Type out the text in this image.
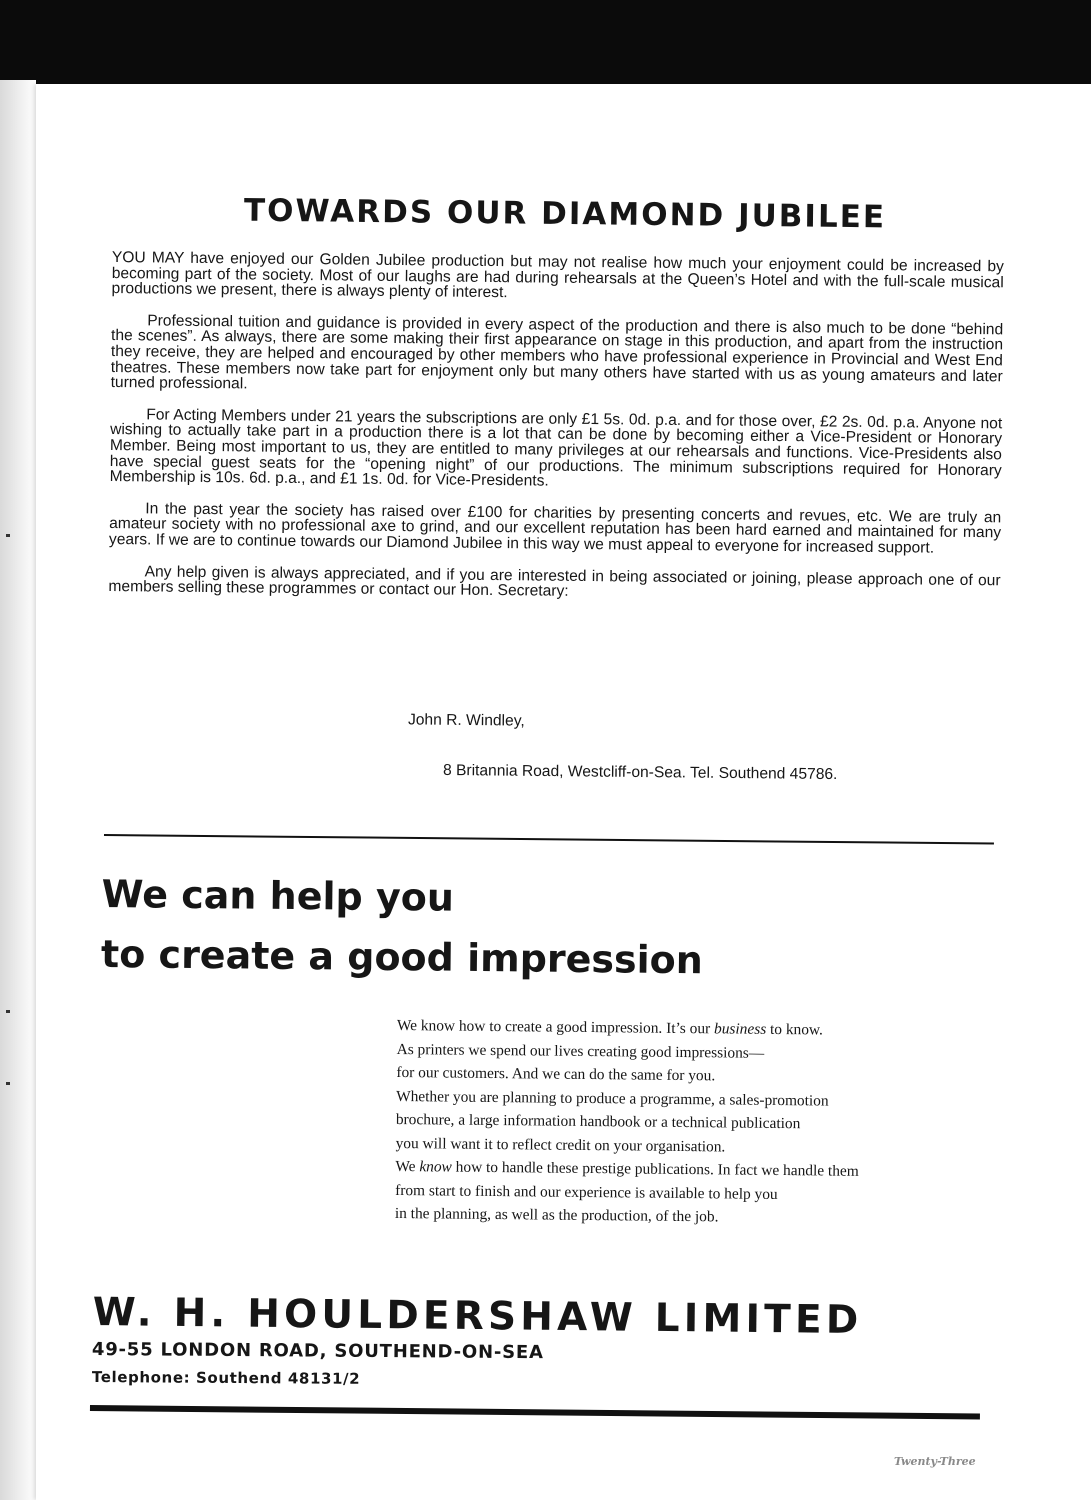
TOWARDS OUR DIAMOND JUBILEE

YOU MAY have enjoyed our Golden Jubilee production but may not realise how much your enjoyment could be increased by becoming part of the society. Most of our laughs are had during rehearsals at the Queen’s Hotel and with the full-scale musical productions we present, there is always plenty of interest.

Professional tuition and guidance is provided in every aspect of the production and there is also much to be done “behind the scenes”. As always, there are some making their first appearance on stage in this production, and apart from the instruction they receive, they are helped and encouraged by other members who have professional experience in Provincial and West End theatres. These members now take part for enjoyment only but many others have started with us as young amateurs and later turned professional.

For Acting Members under 21 years the subscriptions are only £1 5s. 0d. p.a. and for those over, £2 2s. 0d. p.a. Anyone not wishing to actually take part in a production there is a lot that can be done by becoming either a Vice-President or Honorary Member. Being most important to us, they are entitled to many privileges at our rehearsals and functions. Vice-Presidents also have special guest seats for the “opening night” of our productions. The minimum subscriptions required for Honorary Membership is 10s. 6d. p.a., and £1 1s. 0d. for Vice-Presidents.

In the past year the society has raised over £100 for charities by presenting concerts and revues, etc. We are truly an amateur society with no professional axe to grind, and our excellent reputation has been hard earned and maintained for many years. If we are to continue towards our Diamond Jubilee in this way we must appeal to everyone for increased support.

Any help given is always appreciated, and if you are interested in being associated or joining, please approach one of our members selling these programmes or contact our Hon. Secretary:

John R. Windley,
8 Britannia Road, Westcliff-on-Sea. Tel. Southend 45786.
We can help you
to create a good impression
We know how to create a good impression. It’s our business to know.
As printers we spend our lives creating good impressions—
for our customers. And we can do the same for you.
Whether you are planning to produce a programme, a sales-promotion
brochure, a large information handbook or a technical publication
you will want it to reflect credit on your organisation.
We know how to handle these prestige publications. In fact we handle them
from start to finish and our experience is available to help you
in the planning, as well as the production, of the job.
W. H. HOULDERSHAW LIMITED
49-55 LONDON ROAD, SOUTHEND-ON-SEA
Telephone: Southend 48131/2
Twenty-Three
